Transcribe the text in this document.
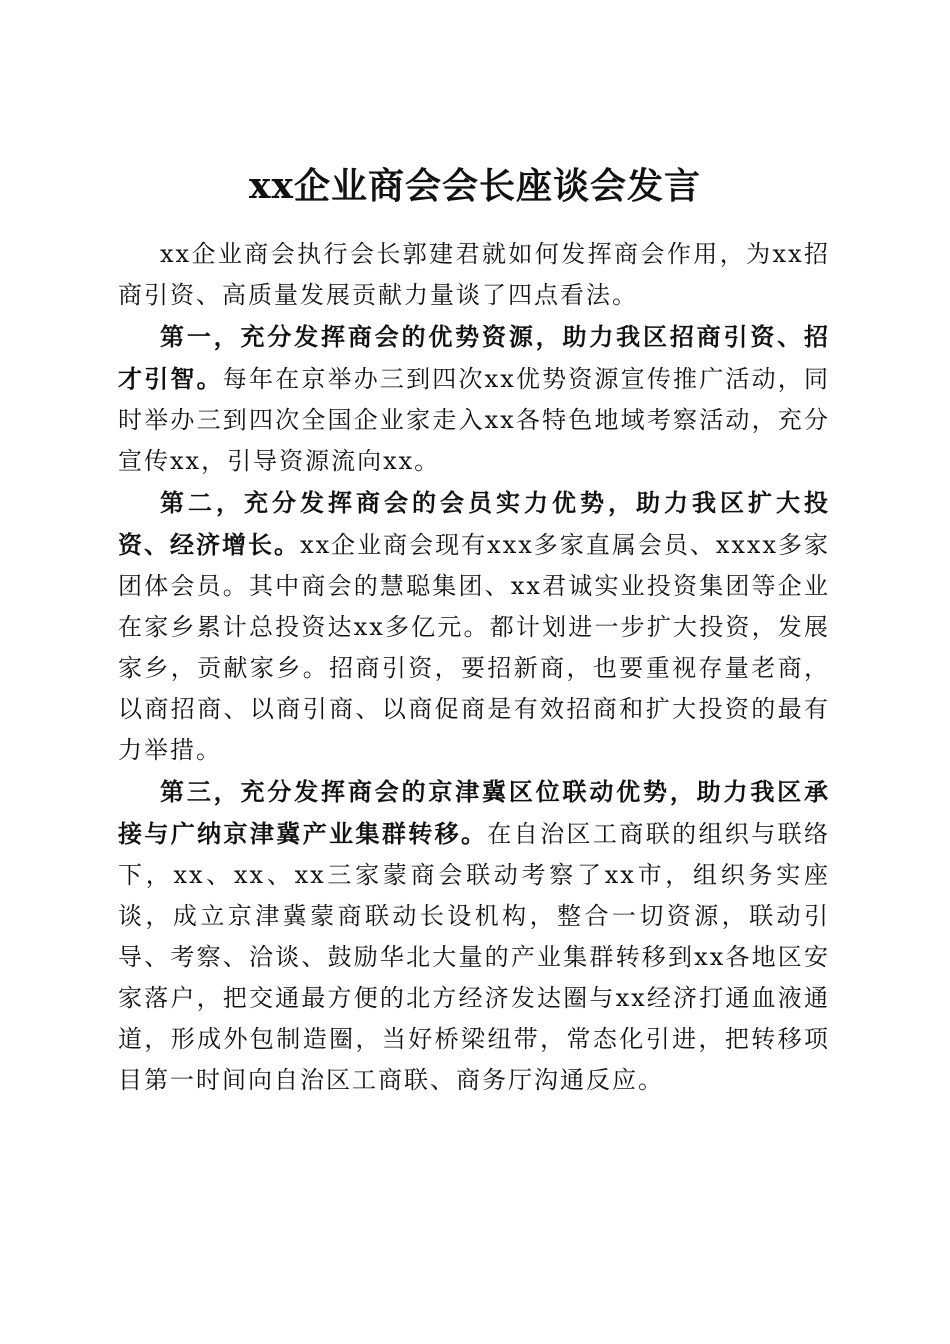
xx企业商会会长座谈会发言

xx企业商会执行会长郭建君就如何发挥商会作用，为xx招商引资、高质量发展贡献力量谈了四点看法。

第一，充分发挥商会的优势资源，助力我区招商引资、招才引智。每年在京举办三到四次xx优势资源宣传推广活动，同时举办三到四次全国企业家走入xx各特色地域考察活动，充分宣传xx，引导资源流向xx。

第二，充分发挥商会的会员实力优势，助力我区扩大投资、经济增长。xx企业商会现有xxx多家直属会员、xxxx多家团体会员。其中商会的慧聪集团、xx君诚实业投资集团等企业在家乡累计总投资达xx多亿元。都计划进一步扩大投资，发展家乡，贡献家乡。招商引资，要招新商，也要重视存量老商，以商招商、以商引商、以商促商是有效招商和扩大投资的最有力举措。

第三，充分发挥商会的京津冀区位联动优势，助力我区承接与广纳京津冀产业集群转移。在自治区工商联的组织与联络下，xx、xx、xx三家蒙商会联动考察了xx市，组织务实座谈，成立京津冀蒙商联动长设机构，整合一切资源，联动引导、考察、洽谈、鼓励华北大量的产业集群转移到xx各地区安家落户，把交通最方便的北方经济发达圈与xx经济打通血液通道，形成外包制造圈，当好桥梁纽带，常态化引进，把转移项目第一时间向自治区工商联、商务厅沟通反应。
